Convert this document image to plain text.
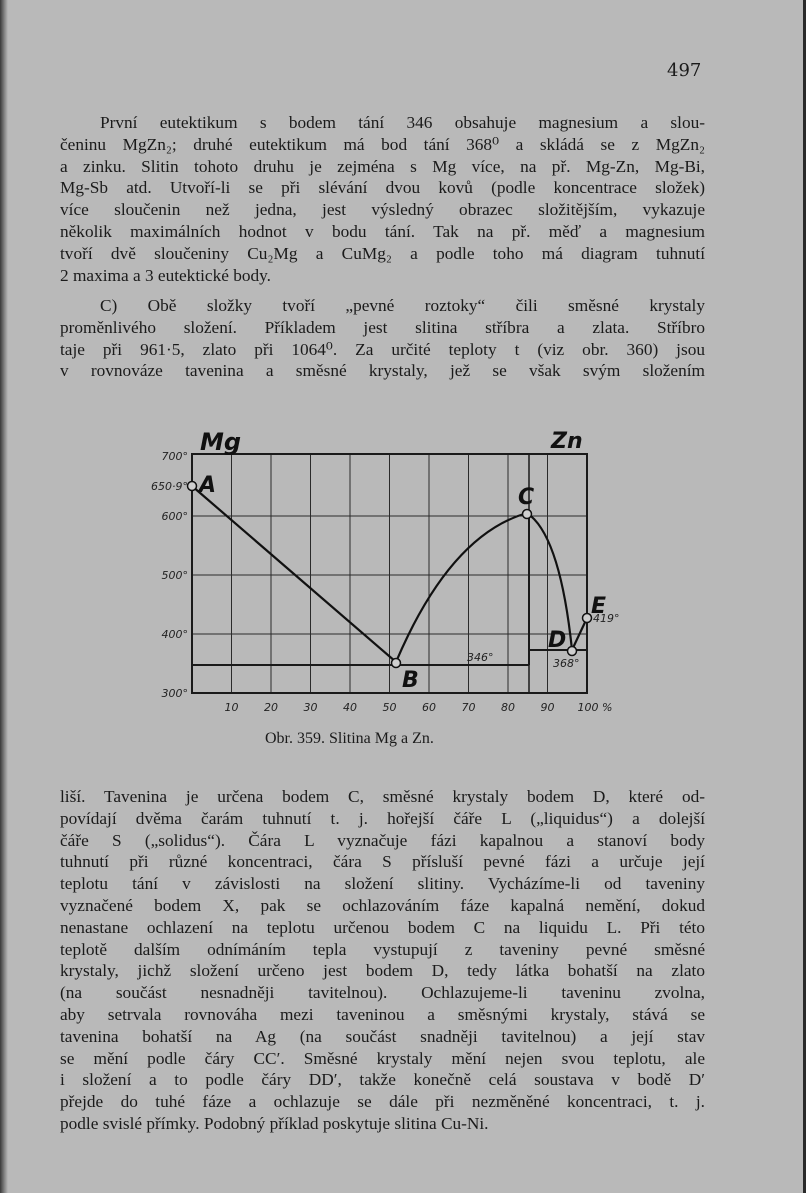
497
První eutektikum s bodem tání 346 obsahuje magnesium a slou-
čeninu MgZn₂; druhé eutektikum má bod tání 368⁰ a skládá se z MgZn₂
a zinku. Slitin tohoto druhu je zejména s Mg více, na př. Mg-Zn, Mg-Bi,
Mg-Sb atd. Utvoří-li se při slévání dvou kovů (podle koncentrace složek)
více sloučenin než jedna, jest výsledný obrazec složitějším, vykazuje
několik maximálních hodnot v bodu tání. Tak na př. měď a magnesium
tvoří dvě sloučeniny Cu₂Mg a CuMg₂ a podle toho má diagram tuhnutí
2 maxima a 3 eutektické body.
C) Obě složky tvoří „pevné roztoky“ čili směsné krystaly
proměnlivého složení. Příkladem jest slitina stříbra a zlata. Stříbro
taje při 961·5, zlato při 1064⁰. Za určité teploty t (viz obr. 360) jsou
v rovnováze tavenina a směsné krystaly, jež se však svým složením
A
B
C
D
E
Mg	Zn
700°
650·9°
600°
500°
400°
300°
10 20 30 40 50 60 70 80 90 100 %
346°	368°
419°
Obr. 359. Slitina Mg a Zn.
liší. Tavenina je určena bodem C, směsné krystaly bodem D, které od-
povídají dvěma čarám tuhnutí t. j. hořejší čáře L („liquidus“) a dolejší
čáře S („solidus“). Čára L vyznačuje fázi kapalnou a stanoví body
tuhnutí při různé koncentraci, čára S přísluší pevné fázi a určuje její
teplotu tání v závislosti na složení slitiny. Vycházíme-li od taveniny
vyznačené bodem X, pak se ochlazováním fáze kapalná nemění, dokud
nenastane ochlazení na teplotu určenou bodem C na liquidu L. Při této
teplotě dalším odnímáním tepla vystupují z taveniny pevné směsné
krystaly, jichž složení určeno jest bodem D, tedy látka bohatší na zlato
(na součást nesnadněji tavitelnou). Ochlazujeme-li taveninu zvolna,
aby setrvala rovnováha mezi taveninou a směsnými krystaly, stává se
tavenina bohatší na Ag (na součást snadněji tavitelnou) a její stav
se mění podle čáry CC′. Směsné krystaly mění nejen svou teplotu, ale
i složení a to podle čáry DD′, takže konečně celá soustava v bodě D′
přejde do tuhé fáze a ochlazuje se dále při nezměněné koncentraci, t. j.
podle svislé přímky. Podobný příklad poskytuje slitina Cu-Ni.
